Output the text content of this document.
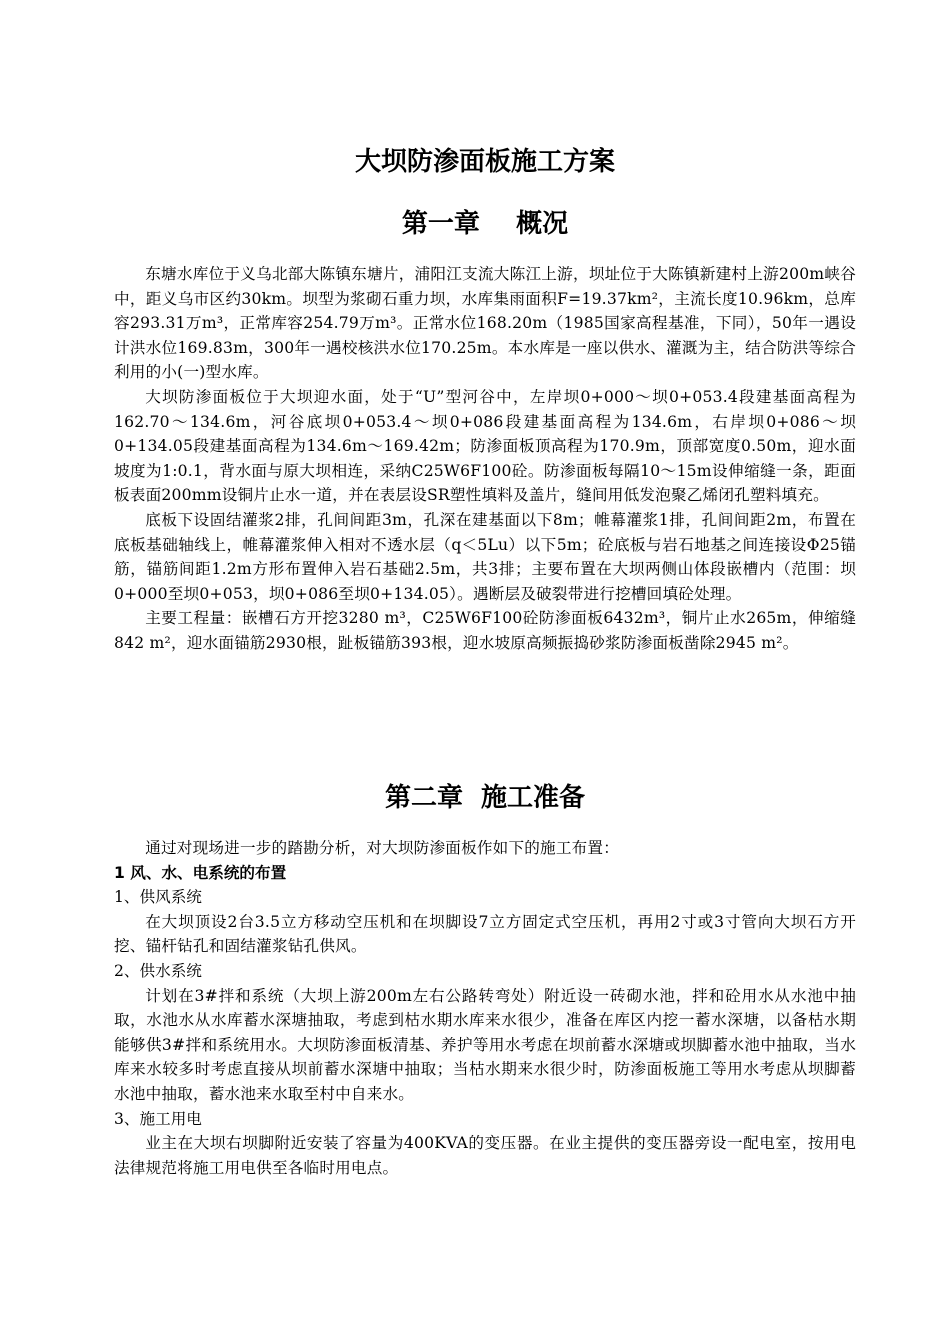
大坝防渗面板施工方案
第一章    概况

东塘水库位于义乌北部大陈镇东塘片，浦阳江支流大陈江上游，坝址位于大陈镇新建村上游200m峡谷中，距义乌市区约30km。坝型为浆砌石重力坝，水库集雨面积F=19.37km²，主流长度10.96km，总库容293.31万m³，正常库容254.79万m³。正常水位168.20m（1985国家高程基准，下同），50年一遇设计洪水位169.83m，300年一遇校核洪水位170.25m。本水库是一座以供水、灌溉为主，结合防洪等综合利用的小(一)型水库。

大坝防渗面板位于大坝迎水面，处于“U”型河谷中，左岸坝0+000～坝0+053.4段建基面高程为162.70～134.6m，河谷底坝0+053.4～坝0+086段建基面高程为134.6m，右岸坝0+086～坝0+134.05段建基面高程为134.6m～169.42m；防渗面板顶高程为170.9m，顶部宽度0.50m，迎水面坡度为1:0.1，背水面与原大坝相连，采纳C25W6F100砼。防渗面板每隔10～15m设伸缩缝一条，距面板表面200mm设铜片止水一道，并在表层设SR塑性填料及盖片，缝间用低发泡聚乙烯闭孔塑料填充。

底板下设固结灌浆2排，孔间间距3m，孔深在建基面以下8m；帷幕灌浆1排，孔间间距2m，布置在底板基础轴线上，帷幕灌浆伸入相对不透水层（q＜5Lu）以下5m；砼底板与岩石地基之间连接设Φ25锚筋，锚筋间距1.2m方形布置伸入岩石基础2.5m，共3排；主要布置在大坝两侧山体段嵌槽内（范围：坝0+000至坝0+053，坝0+086至坝0+134.05）。遇断层及破裂带进行挖槽回填砼处理。

主要工程量：嵌槽石方开挖3280 m³，C25W6F100砼防渗面板6432m³，铜片止水265m，伸缩缝842 m²，迎水面锚筋2930根，趾板锚筋393根，迎水坡原高频振捣砂浆防渗面板凿除2945 m²。

第二章  施工准备

通过对现场进一步的踏勘分析，对大坝防渗面板作如下的施工布置：

1 风、水、电系统的布置

1、供风系统

在大坝顶设2台3.5立方移动空压机和在坝脚设7立方固定式空压机，再用2寸或3寸管向大坝石方开挖、锚杆钻孔和固结灌浆钻孔供风。

2、供水系统

计划在3#拌和系统（大坝上游200m左右公路转弯处）附近设一砖砌水池，拌和砼用水从水池中抽取，水池水从水库蓄水深塘抽取，考虑到枯水期水库来水很少，准备在库区内挖一蓄水深塘，以备枯水期能够供3#拌和系统用水。大坝防渗面板清基、养护等用水考虑在坝前蓄水深塘或坝脚蓄水池中抽取，当水库来水较多时考虑直接从坝前蓄水深塘中抽取；当枯水期来水很少时，防渗面板施工等用水考虑从坝脚蓄水池中抽取，蓄水池来水取至村中自来水。

3、施工用电

业主在大坝右坝脚附近安装了容量为400KVA的变压器。在业主提供的变压器旁设一配电室，按用电法律规范将施工用电供至各临时用电点。
